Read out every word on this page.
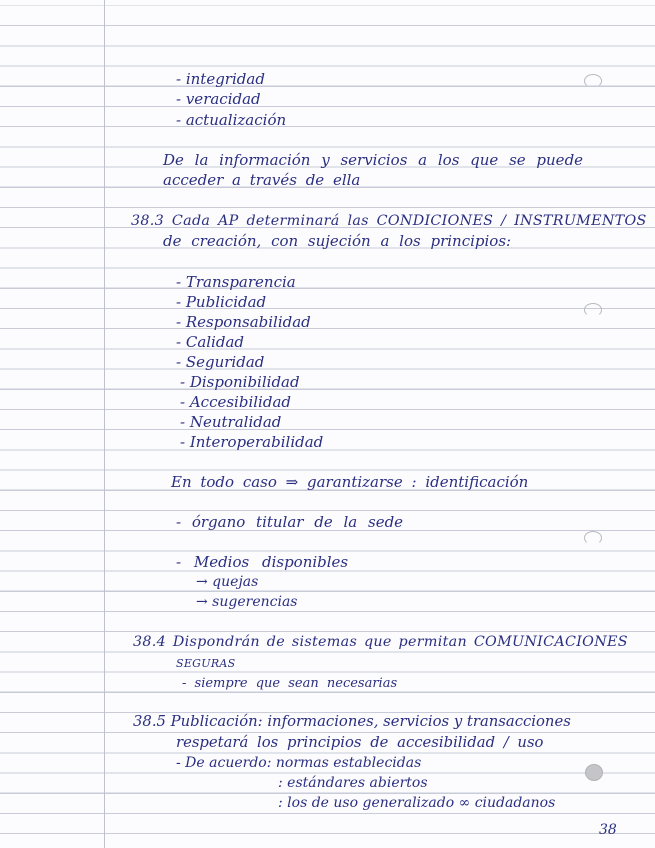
- integridad
- veracidad
- actualización
De la información y servicios a los que se puede
acceder a través de ella
38.3 Cada AP determinará las CONDICIONES / INSTRUMENTOS
de creación, con sujeción a los principios:
- Transparencia
- Publicidad
- Responsabilidad
- Calidad
- Seguridad
- Disponibilidad
- Accesibilidad
- Neutralidad
- Interoperabilidad
En todo caso ⇒ garantizarse : identificación
- órgano titular de la sede
- Medios disponibles
→ quejas
→ sugerencias
38.4 Dispondrán de sistemas que permitan COMUNICACIONES
SEGURAS
- siempre que sean necesarias
38.5 Publicación: informaciones, servicios y transacciones
respetará los principios de accesibilidad / uso
- De acuerdo: normas establecidas
: estándares abiertos
: los de uso generalizado ∞ ciudadanos
38
